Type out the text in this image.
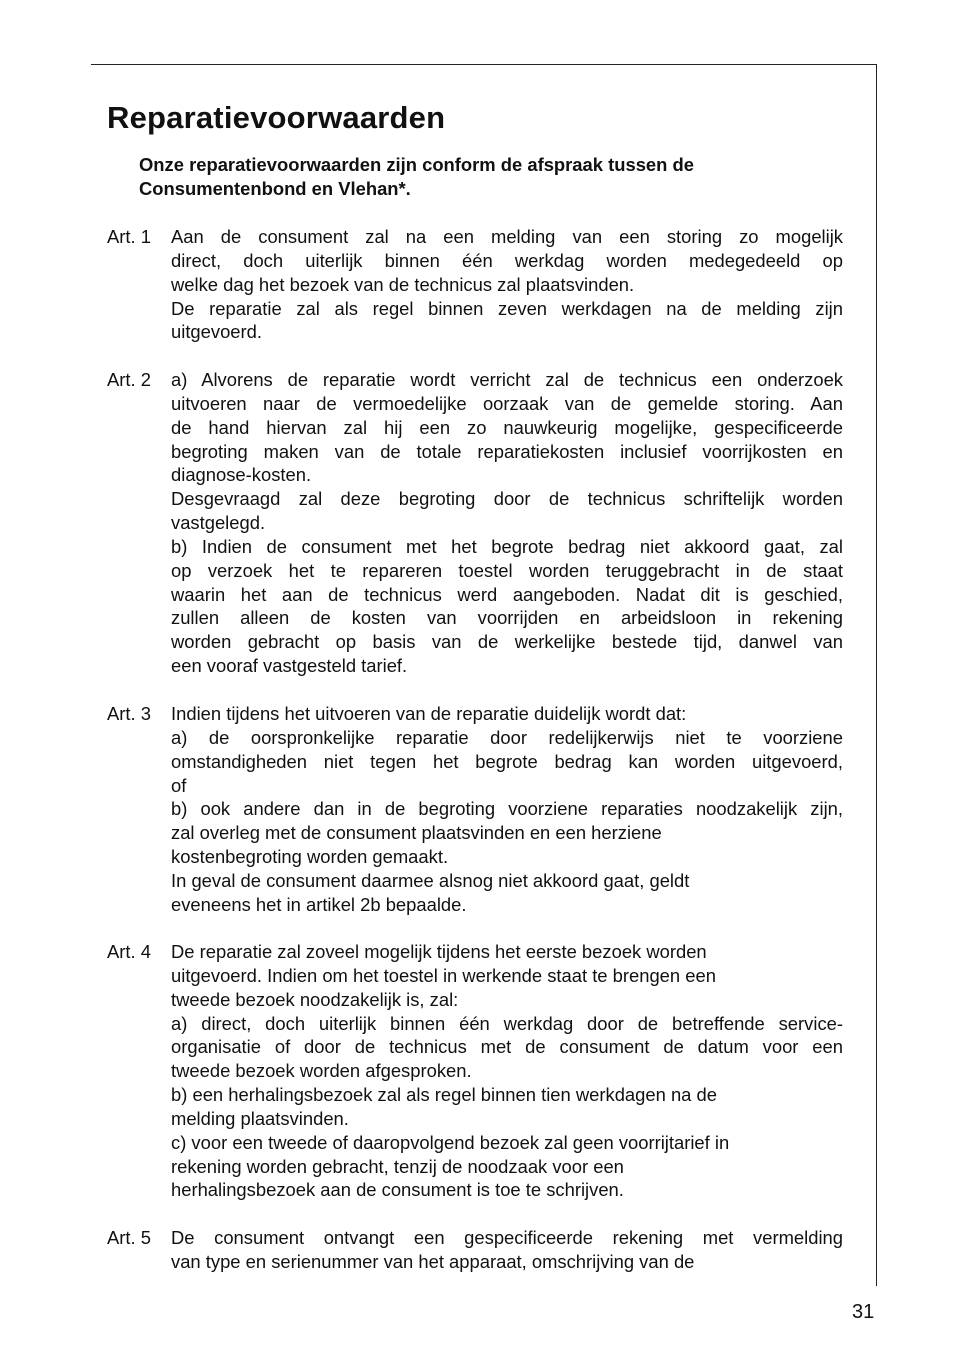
Reparatievoorwaarden
Onze reparatievoorwaarden zijn conform de afspraak tussen de
Consumentenbond en Vlehan*.
Art. 1 Aan de consument zal na een melding van een storing zo mogelijk
direct, doch uiterlijk binnen één werkdag worden medegedeeld op
welke dag het bezoek van de technicus zal plaatsvinden.
De reparatie zal als regel binnen zeven werkdagen na de melding zijn
uitgevoerd.
Art. 2 a) Alvorens de reparatie wordt verricht zal de technicus een onderzoek
uitvoeren naar de vermoedelijke oorzaak van de gemelde storing. Aan
de hand hiervan zal hij een zo nauwkeurig mogelijke, gespecificeerde
begroting maken van de totale reparatiekosten inclusief voorrijkosten en
diagnose-kosten.
Desgevraagd zal deze begroting door de technicus schriftelijk worden
vastgelegd.
b) Indien de consument met het begrote bedrag niet akkoord gaat, zal
op verzoek het te repareren toestel worden teruggebracht in de staat
waarin het aan de technicus werd aangeboden. Nadat dit is geschied,
zullen alleen de kosten van voorrijden en arbeidsloon in rekening
worden gebracht op basis van de werkelijke bestede tijd, danwel van
een vooraf vastgesteld tarief.
Art. 3 Indien tijdens het uitvoeren van de reparatie duidelijk wordt dat:
a) de oorspronkelijke reparatie door redelijkerwijs niet te voorziene
omstandigheden niet tegen het begrote bedrag kan worden uitgevoerd,
of
b) ook andere dan in de begroting voorziene reparaties noodzakelijk zijn,
zal overleg met de consument plaatsvinden en een herziene
kostenbegroting worden gemaakt.
In geval de consument daarmee alsnog niet akkoord gaat, geldt
eveneens het in artikel 2b bepaalde.
Art. 4 De reparatie zal zoveel mogelijk tijdens het eerste bezoek worden
uitgevoerd. Indien om het toestel in werkende staat te brengen een
tweede bezoek noodzakelijk is, zal:
a) direct, doch uiterlijk binnen één werkdag door de betreffende service-
organisatie of door de technicus met de consument de datum voor een
tweede bezoek worden afgesproken.
b) een herhalingsbezoek zal als regel binnen tien werkdagen na de
melding plaatsvinden.
c) voor een tweede of daaropvolgend bezoek zal geen voorrijtarief in
rekening worden gebracht, tenzij de noodzaak voor een
herhalingsbezoek aan de consument is toe te schrijven.
Art. 5 De consument ontvangt een gespecificeerde rekening met vermelding
van type en serienummer van het apparaat, omschrijving van de
31
